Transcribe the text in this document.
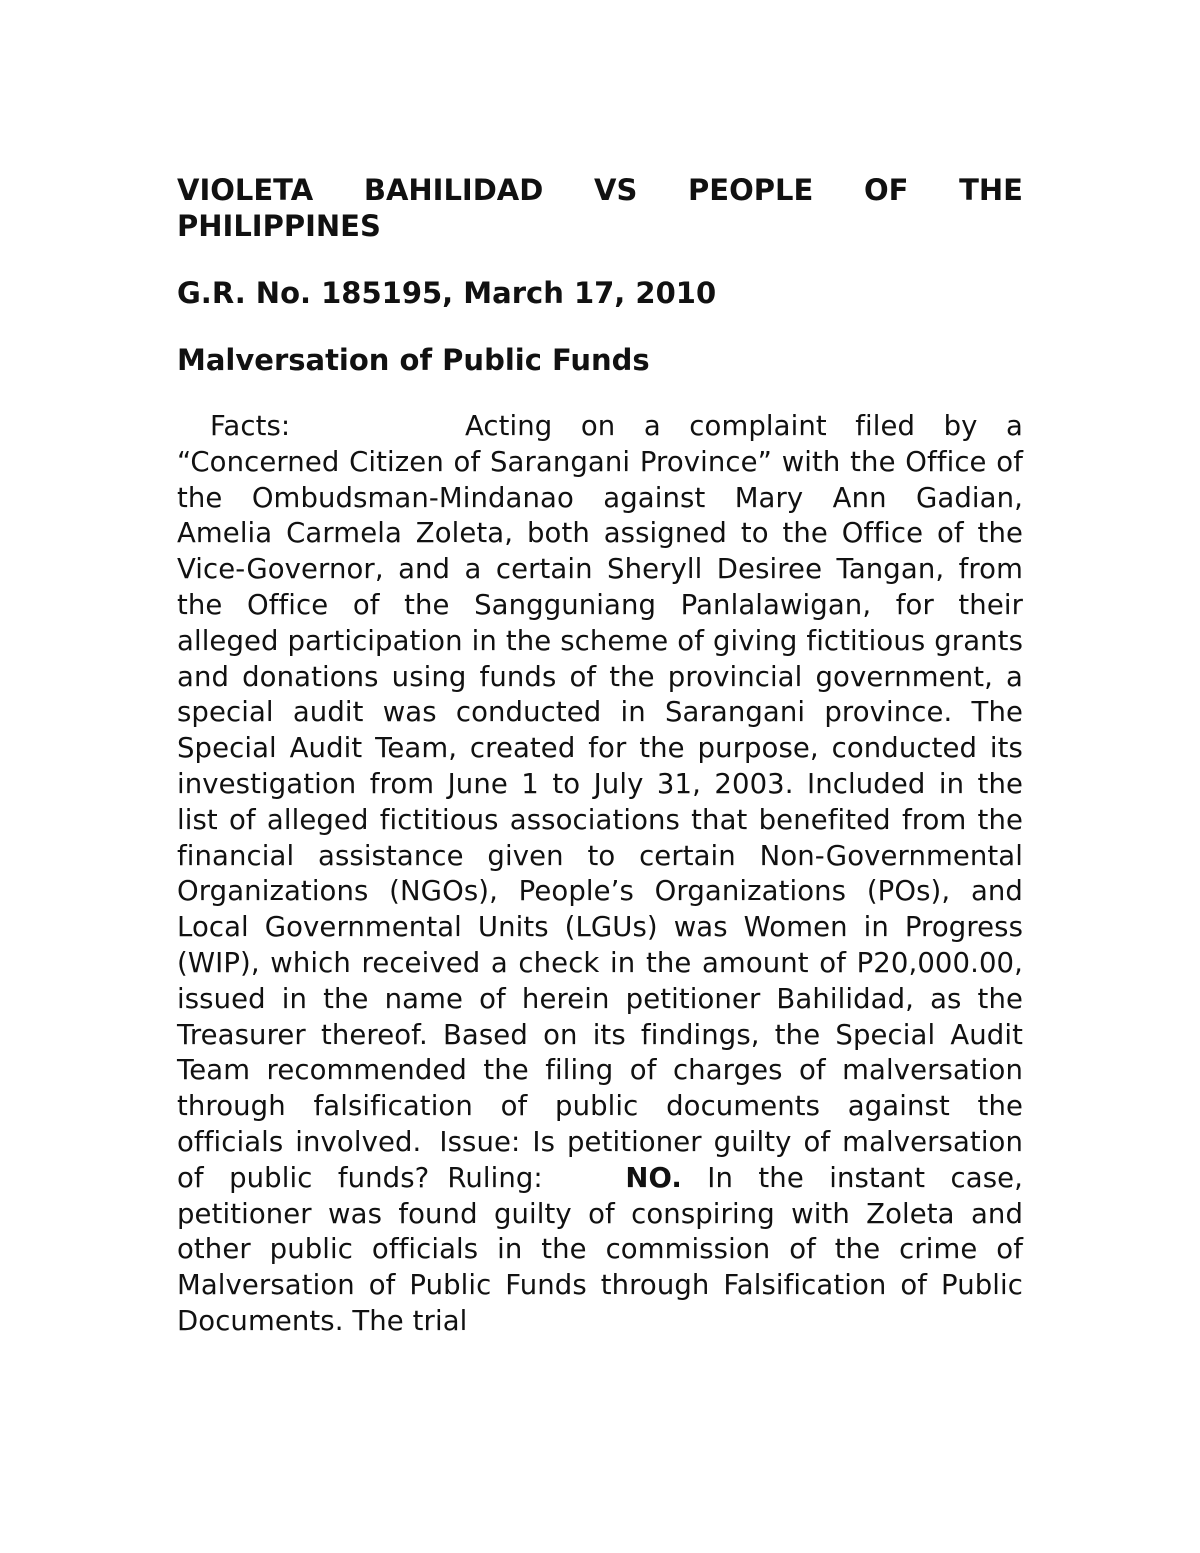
VIOLETA BAHILIDAD VS PEOPLE OF THE PHILIPPINES

G.R. No. 185195, March 17, 2010

Malversation of Public Funds

Facts:	Acting on a complaint filed by a “Concerned Citizen of Sarangani Province” with the Office of the Ombudsman-Mindanao against Mary Ann Gadian, Amelia Carmela Zoleta, both assigned to the Office of the Vice-Governor, and a certain Sheryll Desiree Tangan, from the Office of the Sangguniang Panlalawigan, for their alleged participation in the scheme of giving fictitious grants and donations using funds of the provincial government, a special audit was conducted in Sarangani province. The Special Audit Team, created for the purpose, conducted its investigation from June 1 to July 31, 2003. Included in the list of alleged fictitious associations that benefited from the financial assistance given to certain Non-Governmental Organizations (NGOs), People’s Organizations (POs), and Local Governmental Units (LGUs) was Women in Progress (WIP), which received a check in the amount of P20,000.00, issued in the name of herein petitioner Bahilidad, as the Treasurer thereof. Based on its findings, the Special Audit Team recommended the filing of charges of malversation through falsification of public documents against the officials involved. Issue: Is petitioner guilty of malversation of public funds? Ruling:	NO. In the instant case, petitioner was found guilty of conspiring with Zoleta and other public officials in the commission of the crime of Malversation of Public Funds through Falsification of Public Documents. The trial
